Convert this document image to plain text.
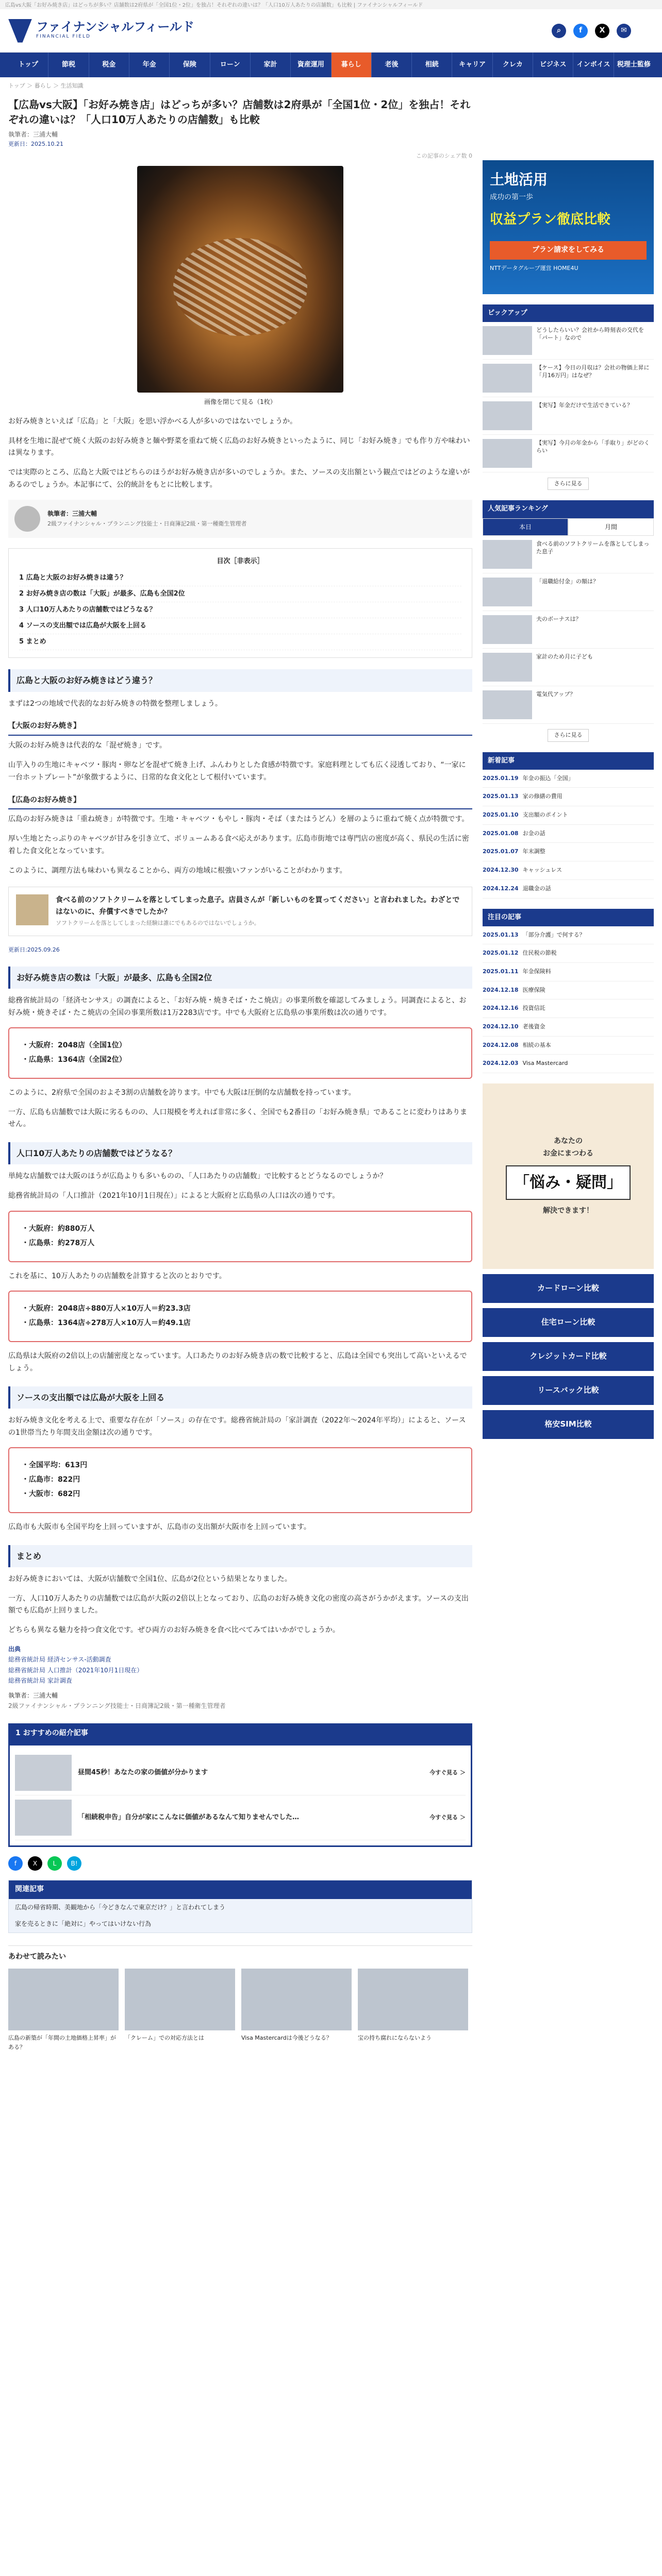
広島vs大阪「お好み焼き店」はどっちが多い？店舗数は2府県が「全国1位・2位」を独占！それぞれの違いは？「人口10万人あたりの店舗数」も比較 | ファイナンシャルフィールド
ファイナンシャルフィールド
FINANCIAL FIELD
⌕	f	X	✉
トップ	節税	税金	年金	保険	ローン	家計	資産運用	暮らし	老後	相続	キャリア	クレカ	ビジネス	インボイス	税理士監修
トップ ＞ 暮らし ＞ 生活知識
【広島vs大阪】「お好み焼き店」はどっちが多い？店舗数は2府県が「全国1位・2位」を独占！それぞれの違いは？「人口10万人あたりの店舗数」も比較
執筆者：三浦大輔
更新日：2025.10.21
この記事のシェア数 0
画像を閉じて見る（1枚）

お好み焼きといえば「広島」と「大阪」を思い浮かべる人が多いのではないでしょうか。

具材を生地に混ぜて焼く大阪のお好み焼きと麺や野菜を重ねて焼く広島のお好み焼きといったように、同じ「お好み焼き」でも作り方や味わいは異なります。

では実際のところ、広島と大阪ではどちらのほうがお好み焼き店が多いのでしょうか。また、ソースの支出額という観点ではどのような違いがあるのでしょうか。本記事にて、公的統計をもとに比較します。

執筆者：三浦大輔
2級ファイナンシャル・プランニング技能士・日商簿記2級・第一種衛生管理者
目次［非表示］
1 広島と大阪のお好み焼きは違う？
2 お好み焼き店の数は「大阪」が最多、広島も全国2位
3 人口10万人あたりの店舗数ではどうなる？
4 ソースの支出額では広島が大阪を上回る
5 まとめ
広島と大阪のお好み焼きはどう違う？

まずは2つの地域で代表的なお好み焼きの特徴を整理しましょう。

【大阪のお好み焼き】

大阪のお好み焼きは代表的な「混ぜ焼き」です。

山芋入りの生地にキャベツ・豚肉・卵などを混ぜて焼き上げ、ふんわりとした食感が特徴です。家庭料理としても広く浸透しており、“一家に一台ホットプレート”が象徴するように、日常的な食文化として根付いています。

【広島のお好み焼き】

広島のお好み焼きは「重ね焼き」が特徴です。生地・キャベツ・もやし・豚肉・そば（またはうどん）を層のように重ねて焼く点が特徴です。

厚い生地とたっぷりのキャベツが甘みを引き立て、ボリュームある食べ応えがあります。広島市街地では専門店の密度が高く、県民の生活に密着した食文化となっています。

このように、調理方法も味わいも異なることから、両方の地域に根強いファンがいることがわかります。

食べる前のソフトクリームを落としてしまった息子。店員さんが「新しいものを買ってください」と言われました。わざとではないのに、弁償すべきでしたか？
ソフトクリームを落としてしまった経験は誰にでもあるのではないでしょうか。
更新日:2025.09.26
お好み焼き店の数は「大阪」が最多、広島も全国2位

総務省統計局の「経済センサス」の調査によると、「お好み焼・焼きそば・たこ焼店」の事業所数を確認してみましょう。同調査によると、お好み焼・焼きそば・たこ焼店の全国の事業所数は1万2283店です。中でも大阪府と広島県の事業所数は次の通りです。

・大阪府：2048店（全国1位）
・広島県：1364店（全国2位）

このように、2府県で全国のおよそ3割の店舗数を誇ります。中でも大阪は圧倒的な店舗数を持っています。

一方、広島も店舗数では大阪に劣るものの、人口規模を考えれば非常に多く、全国でも2番目の「お好み焼き県」であることに変わりはありません。

人口10万人あたりの店舗数ではどうなる？

単純な店舗数では大阪のほうが広島よりも多いものの、「人口あたりの店舗数」で比較するとどうなるのでしょうか？

総務省統計局の「人口推計（2021年10月1日現在）」によると大阪府と広島県の人口は次の通りです。

・大阪府：約880万人
・広島県：約278万人

これを基に、10万人あたりの店舗数を計算すると次のとおりです。

・大阪府：2048店÷880万人×10万人＝約23.3店
・広島県：1364店÷278万人×10万人＝約49.1店

広島県は大阪府の2倍以上の店舗密度となっています。人口あたりのお好み焼き店の数で比較すると、広島は全国でも突出して高いといえるでしょう。

ソースの支出額では広島が大阪を上回る

お好み焼き文化を考える上で、重要な存在が「ソース」の存在です。総務省統計局の「家計調査（2022年〜2024年平均）」によると、ソースの1世帯当たり年間支出金額は次の通りです。

・全国平均：613円
・広島市：822円
・大阪市：682円

広島市も大阪市も全国平均を上回っていますが、広島市の支出額が大阪市を上回っています。

まとめ

お好み焼きにおいては、大阪が店舗数で全国1位、広島が2位という結果となりました。

一方、人口10万人あたりの店舗数では広島が大阪の2倍以上となっており、広島のお好み焼き文化の密度の高さがうかがえます。ソースの支出額でも広島が上回りました。

どちらも異なる魅力を持つ食文化です。ぜひ両方のお好み焼きを食べ比べてみてはいかがでしょうか。

出典
総務省統計局 経済センサス‐活動調査
総務省統計局 人口推計（2021年10月1日現在）
総務省統計局 家計調査
執筆者：三浦大輔
2級ファイナンシャル・プランニング技能士・日商簿記2級・第一種衛生管理者
1 おすすめの紹介記事
昼間45秒！あなたの家の価値が分かります	今すぐ見る ＞
「相続税申告」自分が家にこんなに価値があるなんて知りませんでした…	今すぐ見る ＞
f	X	L	B!
関連記事
広島の帰省時期、美観地から「今どきなんで東京だけ？」と言われてしまう
家を売るときに「絶対に」やってはいけない行為
あわせて読みたい
広島の新築が「年間の土地価格上昇率」がある？
「クレーム」での対応方法とは	Visa Mastercardは今後どうなる？	宝の持ち腐れにならないよう
土地活用
成功の第一歩
収益プラン徹底比較
プラン請求をしてみる
NTTデータグループ運営 HOME4U
ピックアップ
どうしたらいい？会社から時刻表の交代を「パート」なので
【ケース】今日の月収は？会社の物価上昇に「月16万円」はなぜ？
【実写】年金だけで生活できている？
【実写】今月の年金から「手取り」がどのくらい
さらに見る
人気記事ランキング
本日	月間
食べる前のソフトクリームを落としてしまった息子
「退職給付金」の額は？
夫のボーナスは？
家計のため月に子ども
電気代アップ？
さらに見る
新着記事
2025.01.19 年金の振込「全国」
2025.01.13 家の修繕の費用
2025.01.10 支出額のポイント
2025.01.08 お金の話
2025.01.07 年末調整
2024.12.30 キャッシュレス
2024.12.24 退職金の話
注目の記事
2025.01.13 「部分介護」で何する？
2025.01.12 住民税の節税
2025.01.11 年金保険料
2024.12.18 医療保険
2024.12.16 投資信託
2024.12.10 老後資金
2024.12.08 相続の基本
2024.12.03 Visa Mastercard
あなたの
お金にまつわる
「悩み・疑問」
解決できます！
カードローン比較
住宅ローン比較
クレジットカード比較
リースバック比較
格安SIM比較
